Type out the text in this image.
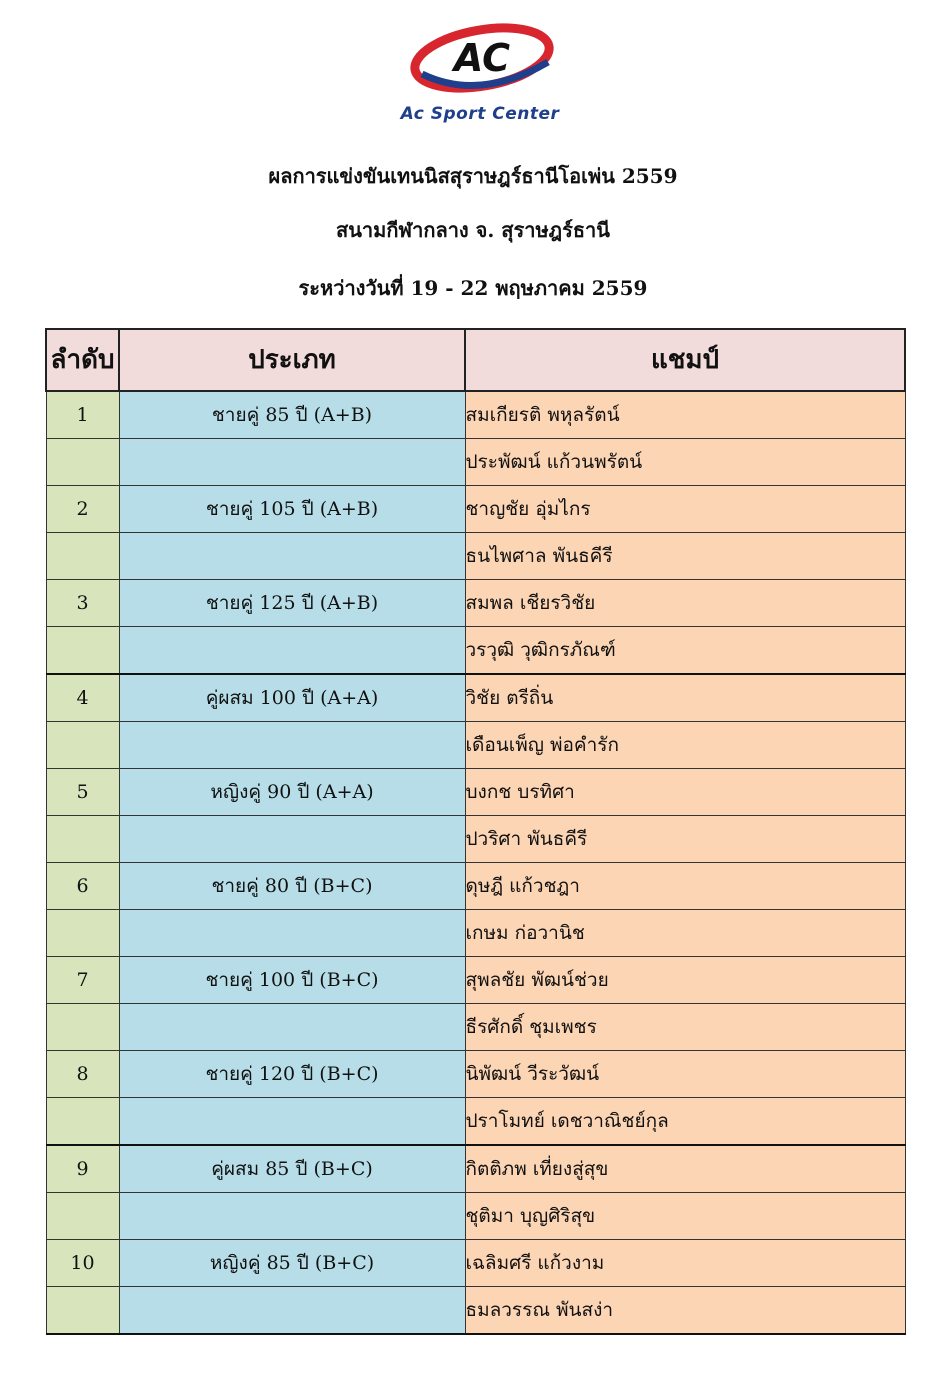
AC
Ac Sport Center
ผลการแข่งขันเทนนิสสุราษฎร์ธานีโอเพ่น 2559
สนามกีฬากลาง จ. สุราษฎร์ธานี
ระหว่างวันที่ 19 - 22 พฤษภาคม 2559
ลำดับ	ประเภท	แชมป์
1	ชายคู่ 85 ปี (A+B)	สมเกียรติ พหุลรัตน์
		ประพัฒน์ แก้วนพรัตน์
2	ชายคู่ 105 ปี (A+B)	ชาญชัย อุ่มไกร
		ธนไพศาล พันธคีรี
3	ชายคู่ 125 ปี (A+B)	สมพล เชียรวิชัย
		วรวุฒิ วุฒิกรภัณฑ์
4	คู่ผสม 100 ปี (A+A)	วิชัย ตรีถิ่น
		เดือนเพ็ญ พ่อคำรัก
5	หญิงคู่ 90 ปี (A+A)	บงกช บรทิศา
		ปวริศา พันธคีรี
6	ชายคู่ 80 ปี (B+C)	ดุษฎี แก้วชฎา
		เกษม ก่อวานิช
7	ชายคู่ 100 ปี (B+C)	สุพลชัย พัฒน์ช่วย
		ธีรศักดิ์ ชุมเพชร
8	ชายคู่ 120 ปี (B+C)	นิพัฒน์ วีระวัฒน์
		ปราโมทย์ เดชวาณิชย์กุล
9	คู่ผสม 85 ปี (B+C)	กิตติภพ เที่ยงสู่สุข
		ชุติมา บุญศิริสุข
10	หญิงคู่ 85 ปี (B+C)	เฉลิมศรี แก้วงาม
		ธมลวรรณ พันสง่า
